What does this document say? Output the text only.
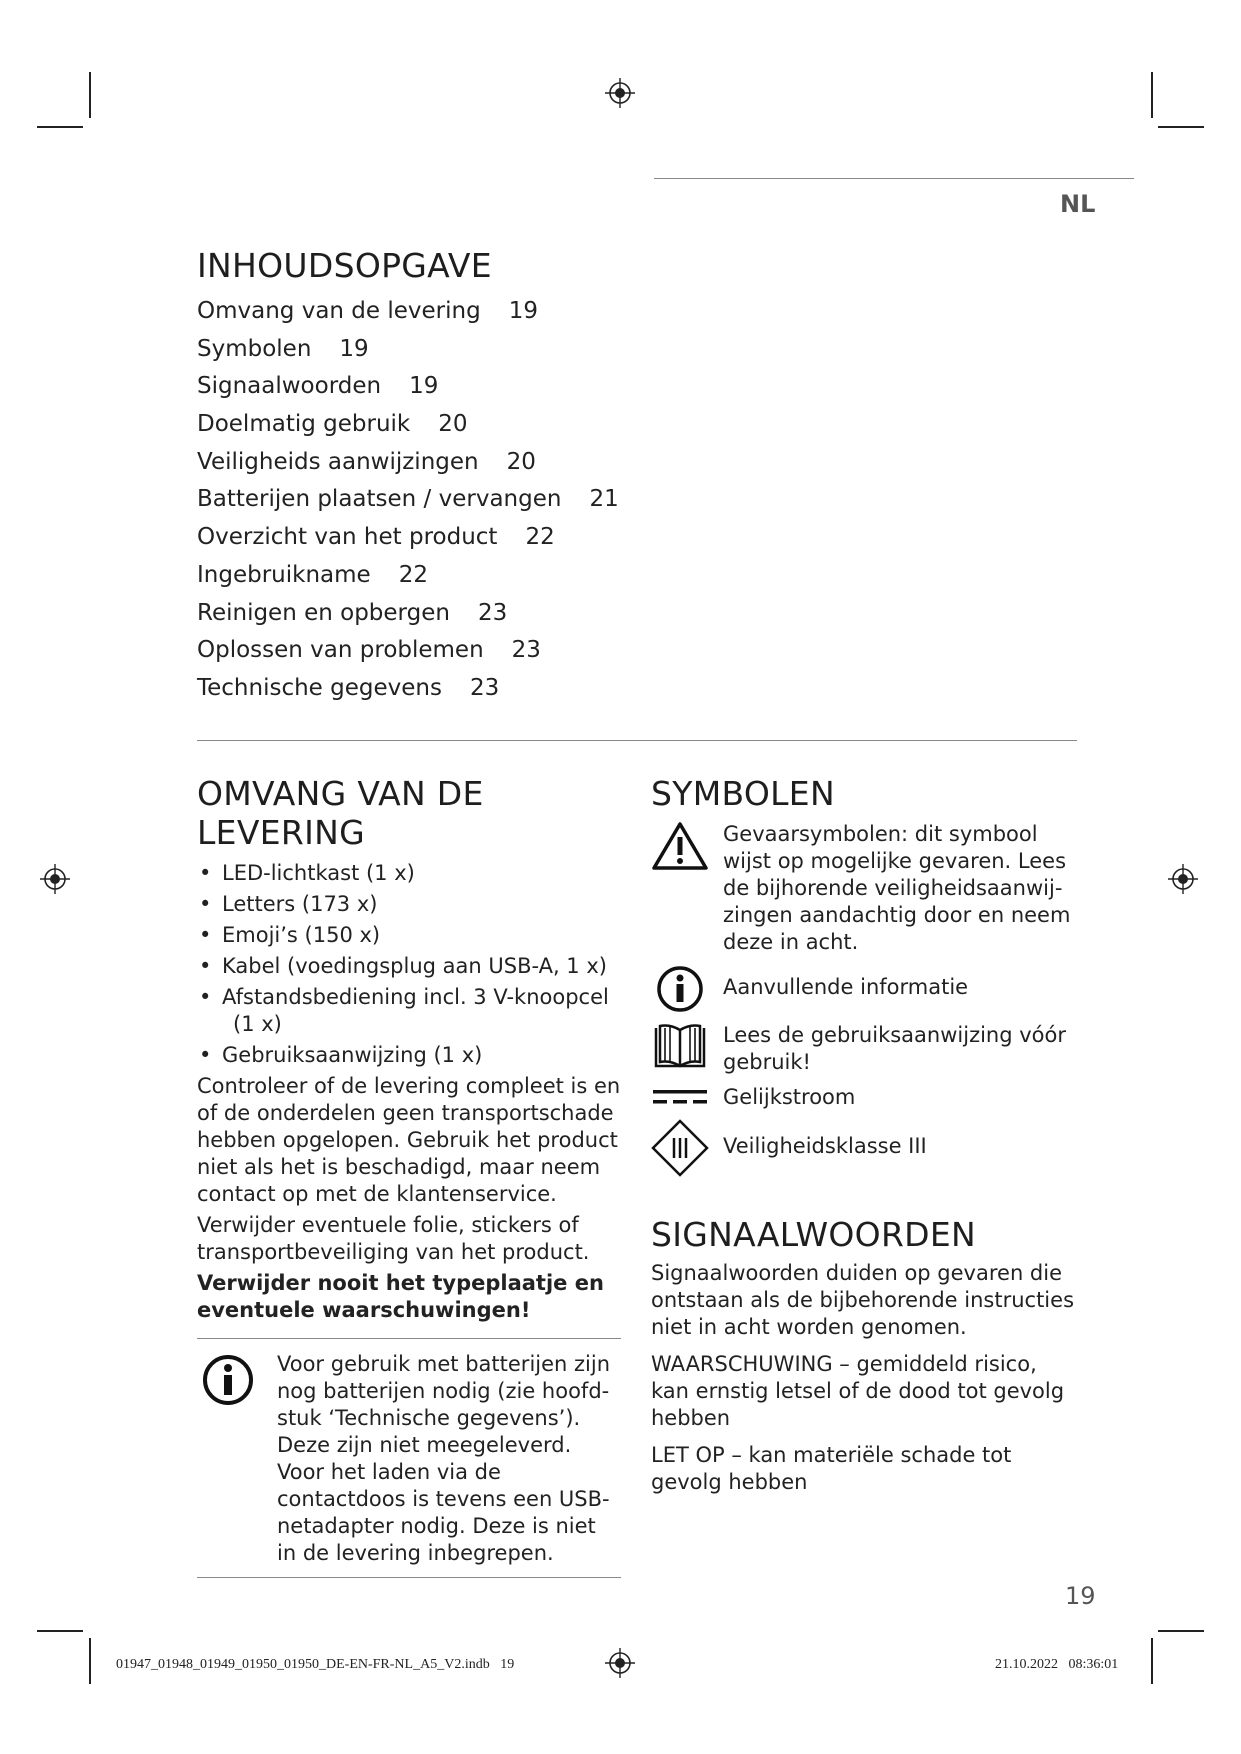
NL
INHOUDSOPGAVE
Omvang van de levering 19
Symbolen 19
Signaalwoorden 19
Doelmatig gebruik 20
Veiligheids aanwijzingen 20
Batterijen plaatsen / vervangen 21
Overzicht van het product 22
Ingebruikname 22
Reinigen en opbergen 23
Oplossen van problemen 23
Technische gegevens 23
OMVANG VAN DE
LEVERING
• LED-lichtkast (1 x)
• Letters (173 x)
• Emoji’s (150 x)
• Kabel (voedingsplug aan USB-A, 1 x)
• Afstandsbediening incl. 3 V-knoopcel
(1 x)
• Gebruiksaanwijzing (1 x)

Controleer of de levering compleet is en of de onderdelen geen transportschade hebben opgelopen. Gebruik het product niet als het is beschadigd, maar neem contact op met de klantenservice.

Verwijder eventuele folie, stickers of transportbeveiliging van het product.

Verwijder nooit het typeplaatje en eventuele waarschuwingen!

Voor gebruik met batterijen zijn nog batterijen nodig (zie hoofd-stuk ‘Technische gegevens’). Deze zijn niet meegeleverd.
Voor het laden via de contactdoos is tevens een USB-netadapter nodig. Deze is niet in de levering inbegrepen.
SYMBOLEN
Gevaarsymbolen: dit symbool wijst op mogelijke gevaren. Lees de bijhorende veiligheidsaanwij-zingen aandachtig door en neem deze in acht.
Aanvullende informatie
Lees de gebruiksaanwijzing vóór gebruik!
Gelijkstroom
Veiligheidsklasse III
SIGNAALWOORDEN

Signaalwoorden duiden op gevaren die ontstaan als de bijbehorende instructies niet in acht worden genomen.

WAARSCHUWING – gemiddeld risico, kan ernstig letsel of de dood tot gevolg hebben

LET OP – kan materiële schade tot gevolg hebben

19
01947_01948_01949_01950_01950_DE-EN-FR-NL_A5_V2.indb   19	21.10.2022   08:36:01
